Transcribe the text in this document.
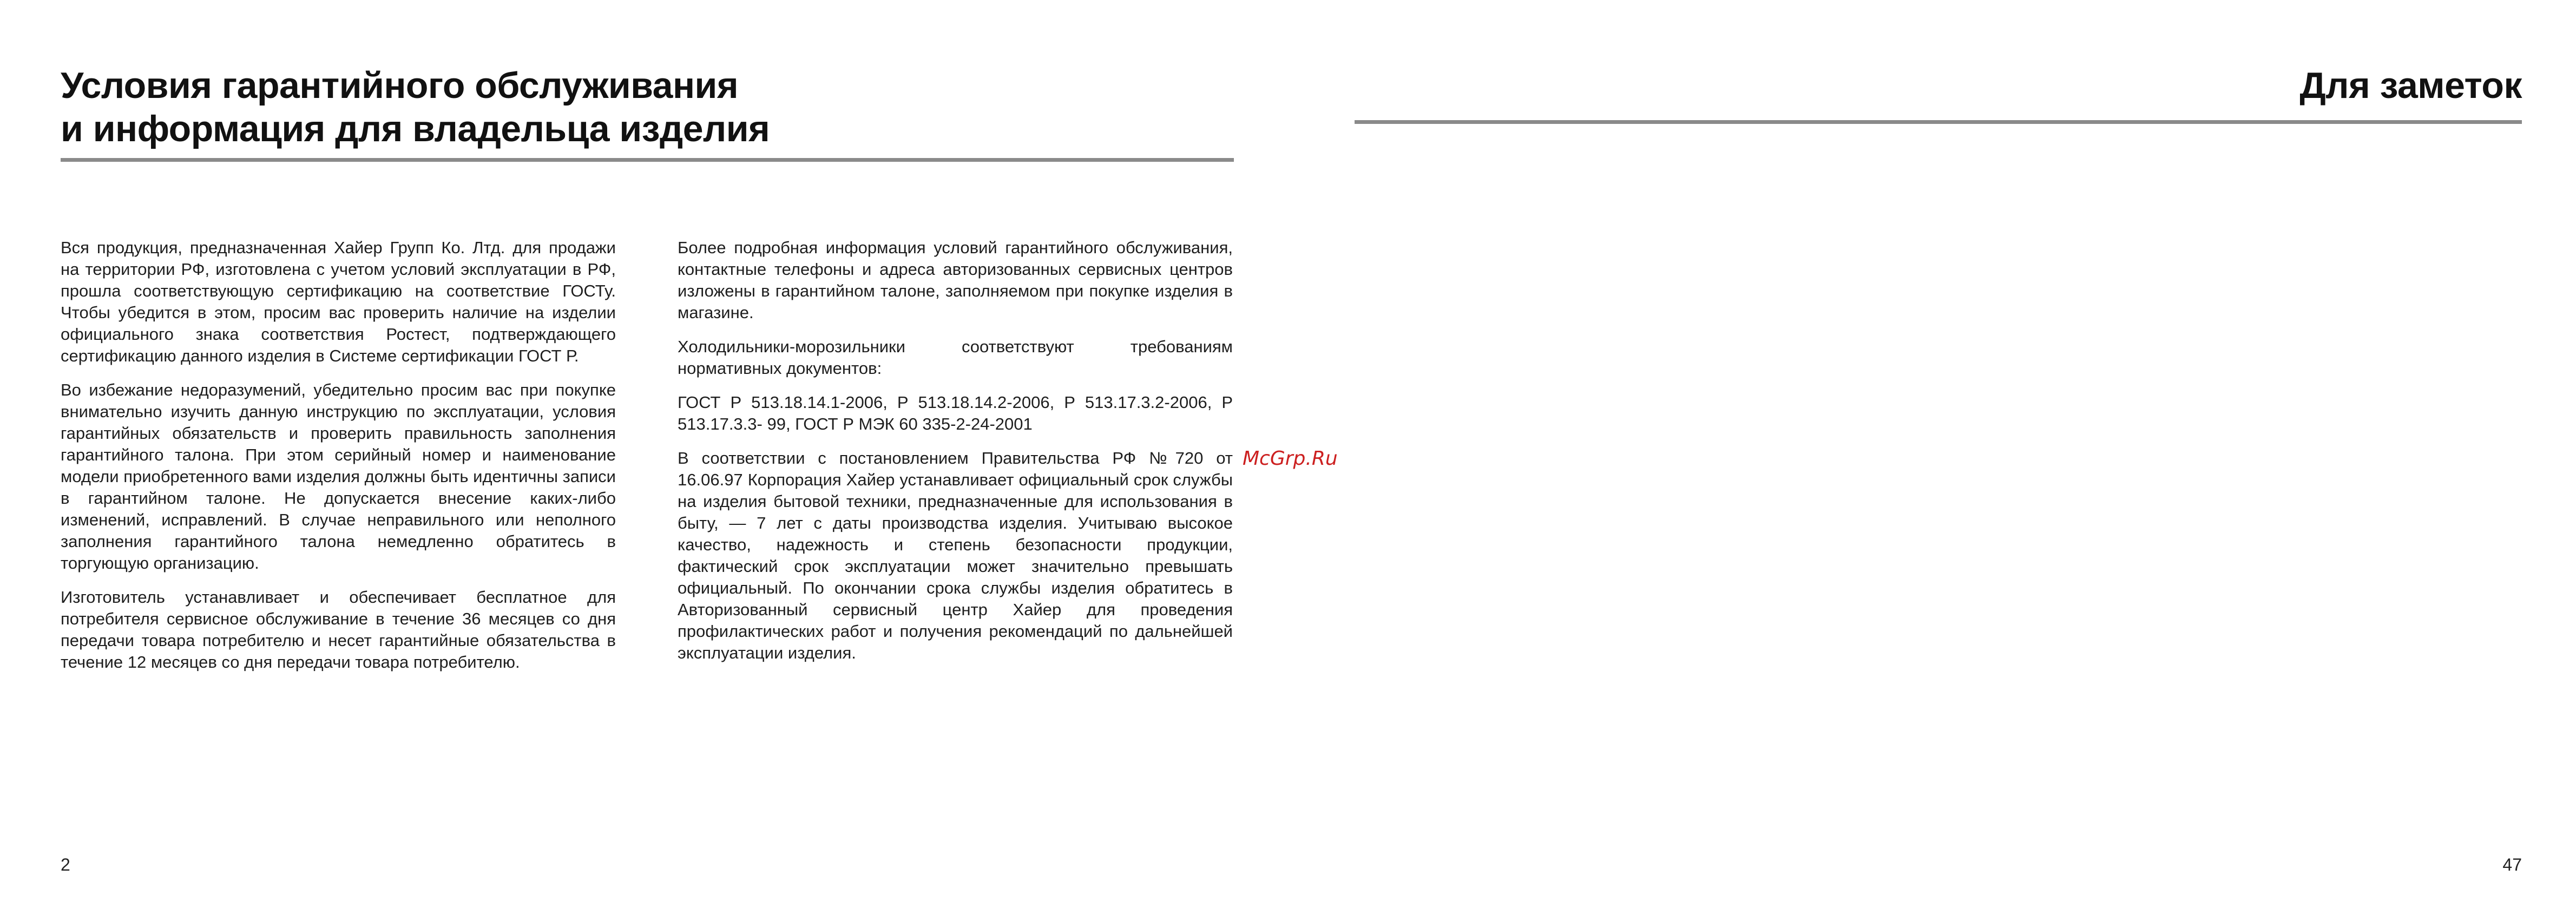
Условия гарантийного обслуживания
и информация для владельца изделия
Для заметок

Вся продукция, предназначенная Хайер Групп Ко. Лтд. для продажи на территории РФ, изготовлена с учетом условий эксплуатации в РФ, прошла соответствующую сертификацию на соответствие ГОСТу. Чтобы убедится в этом, просим вас проверить наличие на изделии официального знака соответствия Ростест, подтверждающего сертификацию данного изделия в Системе сертификации ГОСТ Р.

Во избежание недоразумений, убедительно просим вас при покупке внимательно изучить данную инструкцию по эксплуатации, условия гарантийных обязательств и проверить правильность заполнения гарантийного талона. При этом серийный номер и наименование модели приобретенного вами изделия должны быть идентичны записи в гарантийном талоне. Не допускается внесение каких-либо изменений, исправлений. В случае неправильного или неполного заполнения гарантийного талона немедленно обратитесь в торгующую организацию.

Изготовитель устанавливает и обеспечивает бесплатное для потребителя сервисное обслуживание в течение 36 месяцев со дня передачи товара потребителю и несет гарантийные обязательства в течение 12 месяцев со дня передачи товара потребителю.

Более подробная информация условий гарантийного обслуживания, контактные телефоны и адреса авторизованных сервисных центров изложены в гарантийном талоне, заполняемом при покупке изделия в магазине.

Холодильники-морозильники соответствуют требованиям нормативных документов:

ГОСТ Р 513.18.14.1-2006, Р 513.18.14.2-2006, Р 513.17.3.2-2006, Р 513.17.3.3- 99, ГОСТ Р МЭК 60 335-2-24-2001

В соответствии с постановлением Правительства РФ №720 от 16.06.97 Корпорация Хайер устанавливает официальный срок службы на изделия бытовой техники, предназначенные для использования в быту, — 7 лет с даты производства изделия. Учитываю высокое качество, надежность и степень безопасности продукции, фактический срок эксплуатации может значительно превышать официальный. По окончании срока службы изделия обратитесь в Авторизованный сервисный центр Хайер для проведения профилактических работ и получения рекомендаций по дальнейшей эксплуатации изделия.

McGrp.Ru
2	47
